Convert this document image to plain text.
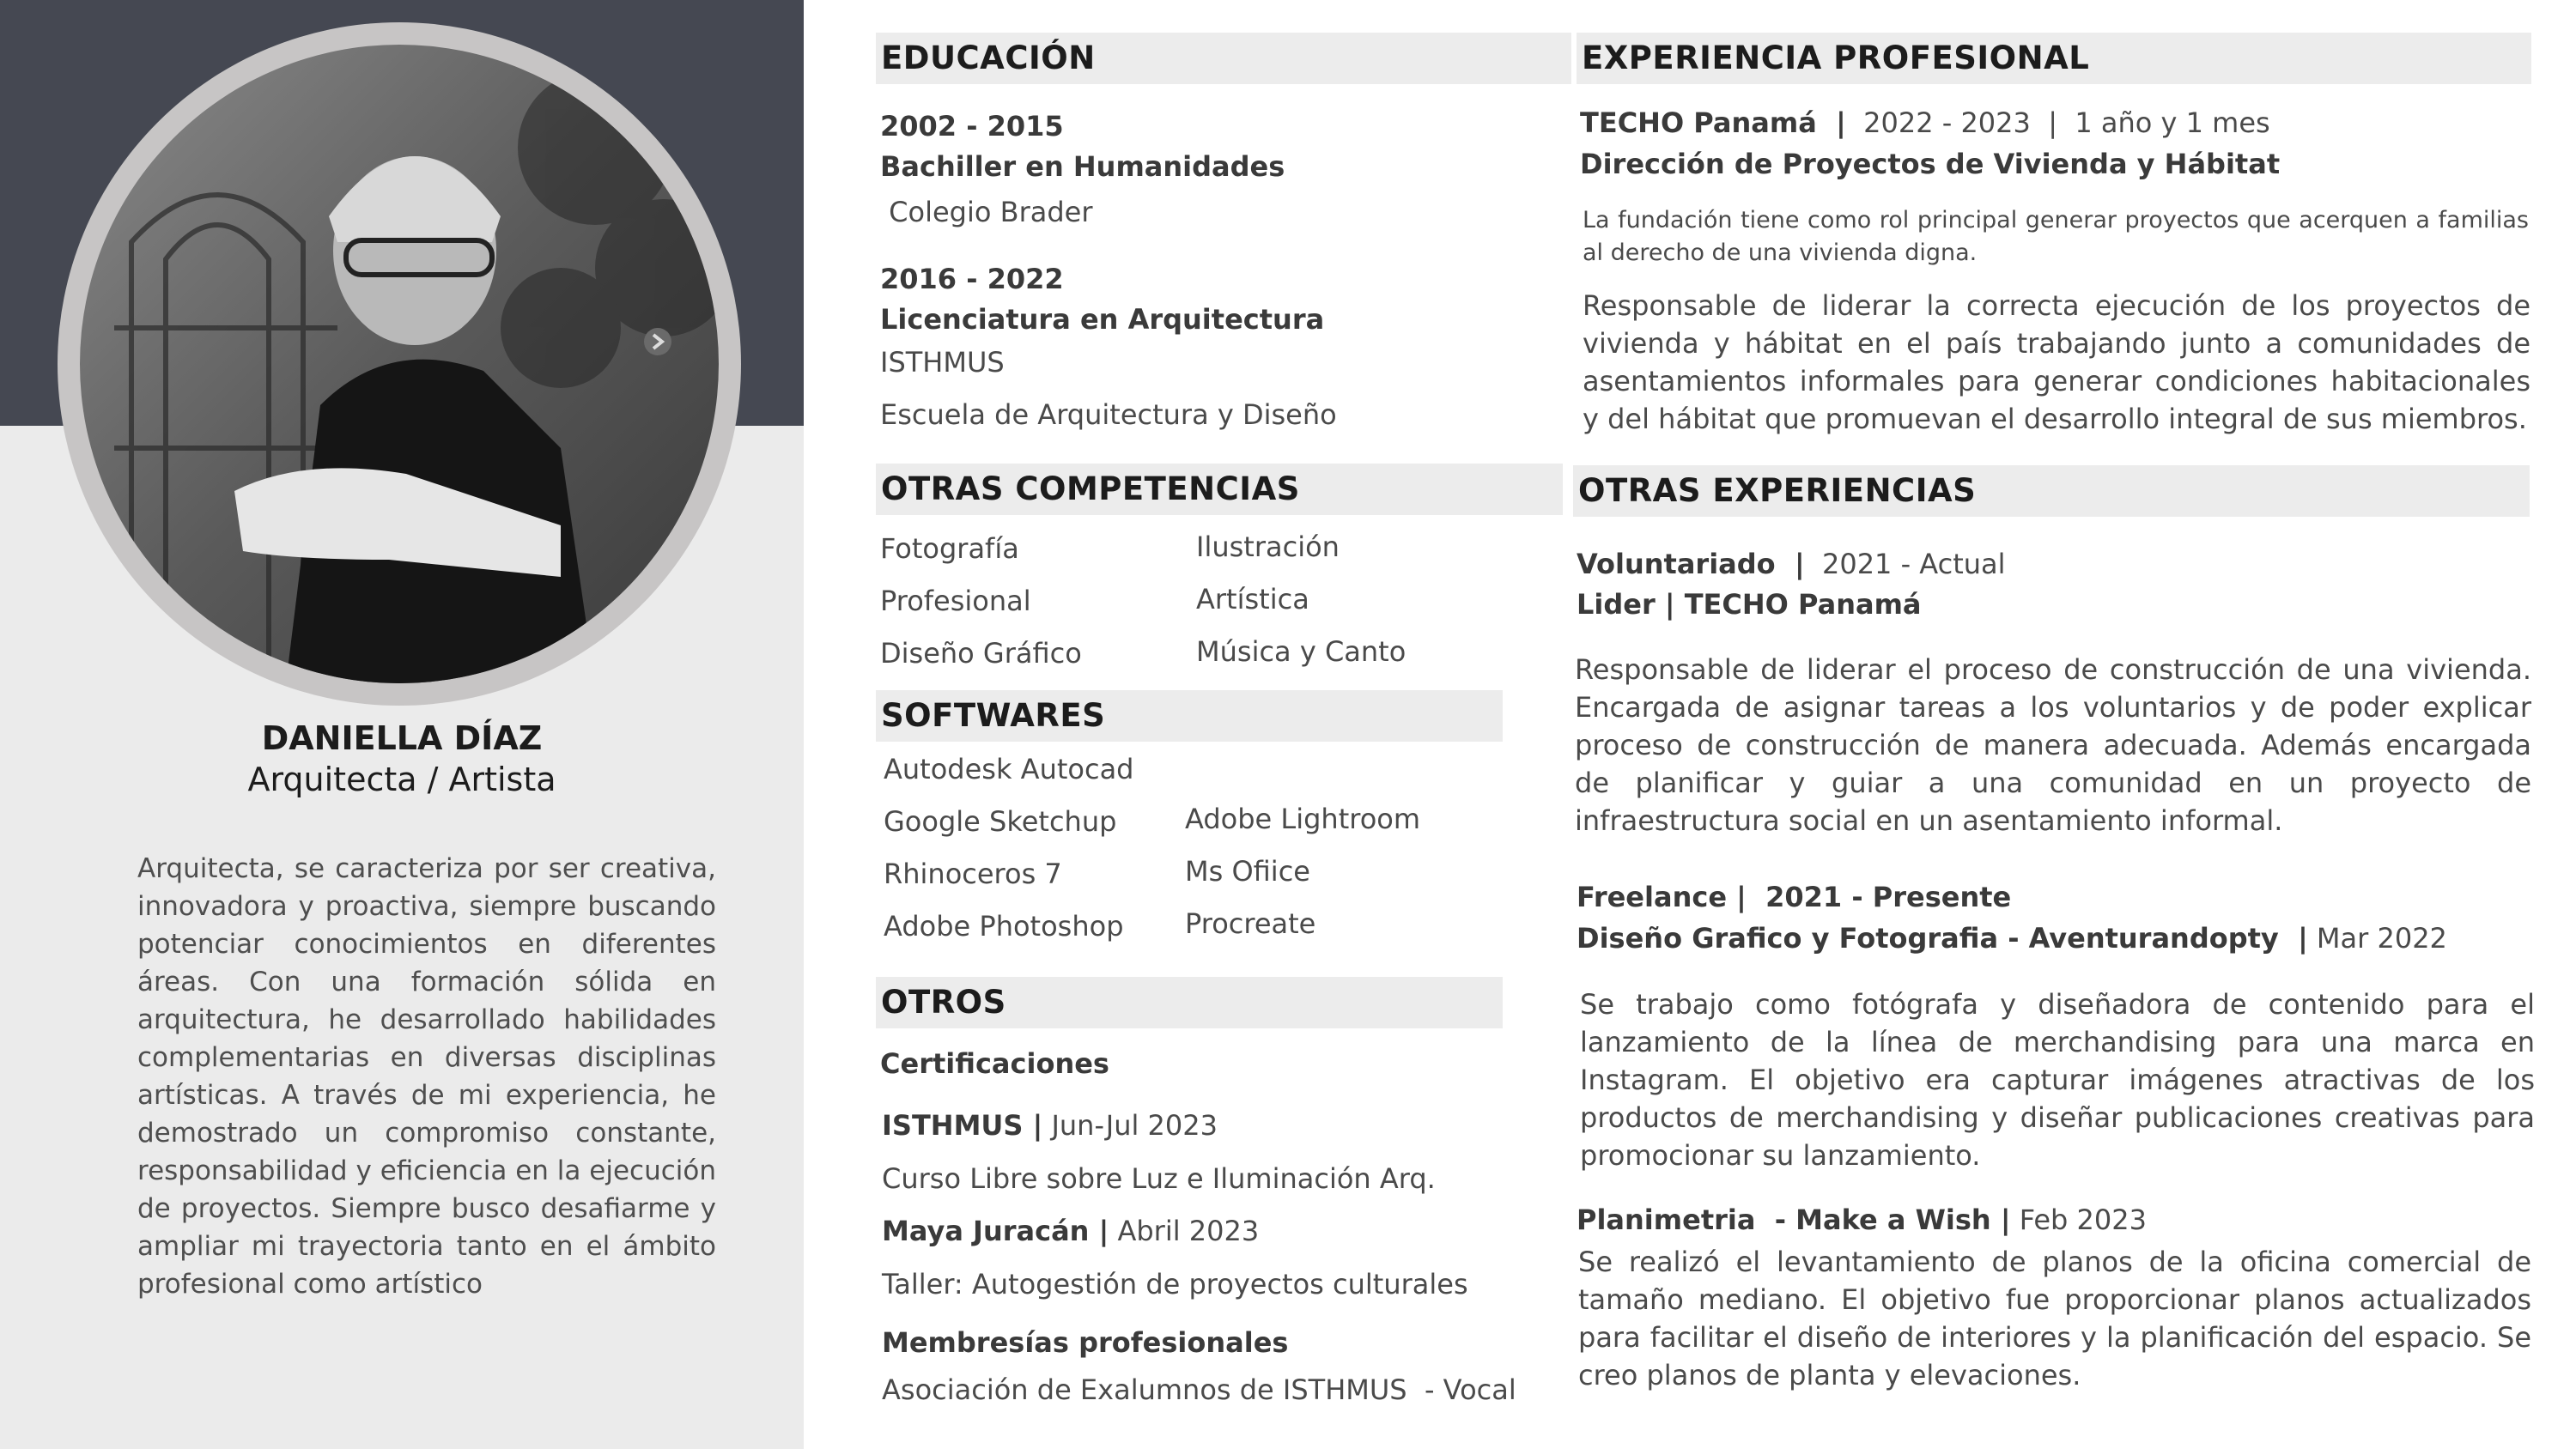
DANIELLA DÍAZ
Arquitecta / Artista
Arquitecta, se caracteriza por ser creativa, innovadora y proactiva, siempre buscando potenciar conocimientos en diferentes áreas. Con una formación sólida en arquitectura, he desarrollado habilidades complementarias en diversas disciplinas artísticas. A través de mi experiencia, he demostrado un compromiso constante, responsabilidad y eficiencia en la ejecución de proyectos. Siempre busco desafiarme y ampliar mi trayectoria tanto en el ámbito profesional como artístico
EDUCACIÓN
2002 - 2015
Bachiller en Humanidades
Colegio Brader
2016 - 2022
Licenciatura en Arquitectura
ISTHMUS
Escuela de Arquitectura y Diseño
OTRAS COMPETENCIAS
Fotografía
Profesional
Diseño Gráfico
Ilustración
Artística
Música y Canto
SOFTWARES
Autodesk Autocad
Google Sketchup
Rhinoceros 7
Adobe Photoshop
Adobe Lightroom
Ms Ofiice
Procreate
OTROS
Certificaciones
ISTHMUS | Jun-Jul 2023
Curso Libre sobre Luz e Iluminación Arq.
Maya Juracán | Abril 2023
Taller: Autogestión de proyectos culturales
Membresías profesionales
Asociación de Exalumnos de ISTHMUS  - Vocal
EXPERIENCIA PROFESIONAL
TECHO Panamá  |  2022 - 2023  |  1 año y 1 mes
Dirección de Proyectos de Vivienda y Hábitat
La fundación tiene como rol principal generar proyectos que acerquen a familias al derecho de una vivienda digna.
Responsable de liderar la correcta ejecución de los proyectos de vivienda y hábitat en el país trabajando junto a comunidades de asentamientos informales para generar condiciones habitacionales y del hábitat que promuevan el desarrollo integral de sus miembros.
OTRAS EXPERIENCIAS
Voluntariado  |  2021 - Actual
Lider | TECHO Panamá
Responsable de liderar el proceso de construcción de una vivienda. Encargada de asignar tareas a los voluntarios y de poder explicar proceso de construcción de manera adecuada. Además encargada de planificar y guiar a una comunidad en un proyecto de infraestructura social en un asentamiento informal.
Freelance |  2021 - Presente
Diseño Grafico y Fotografia - Aventurandopty  | Mar 2022
Se trabajo como fotógrafa y diseñadora de contenido para el lanzamiento de la línea de merchandising para una marca en Instagram. El objetivo era capturar imágenes atractivas de los productos de merchandising y diseñar publicaciones creativas para promocionar su lanzamiento.
Planimetria  - Make a Wish | Feb 2023
Se realizó el levantamiento de planos de la oficina comercial de tamaño mediano. El objetivo fue proporcionar planos actualizados para facilitar el diseño de interiores y la planificación del espacio. Se creo planos de planta y elevaciones.
